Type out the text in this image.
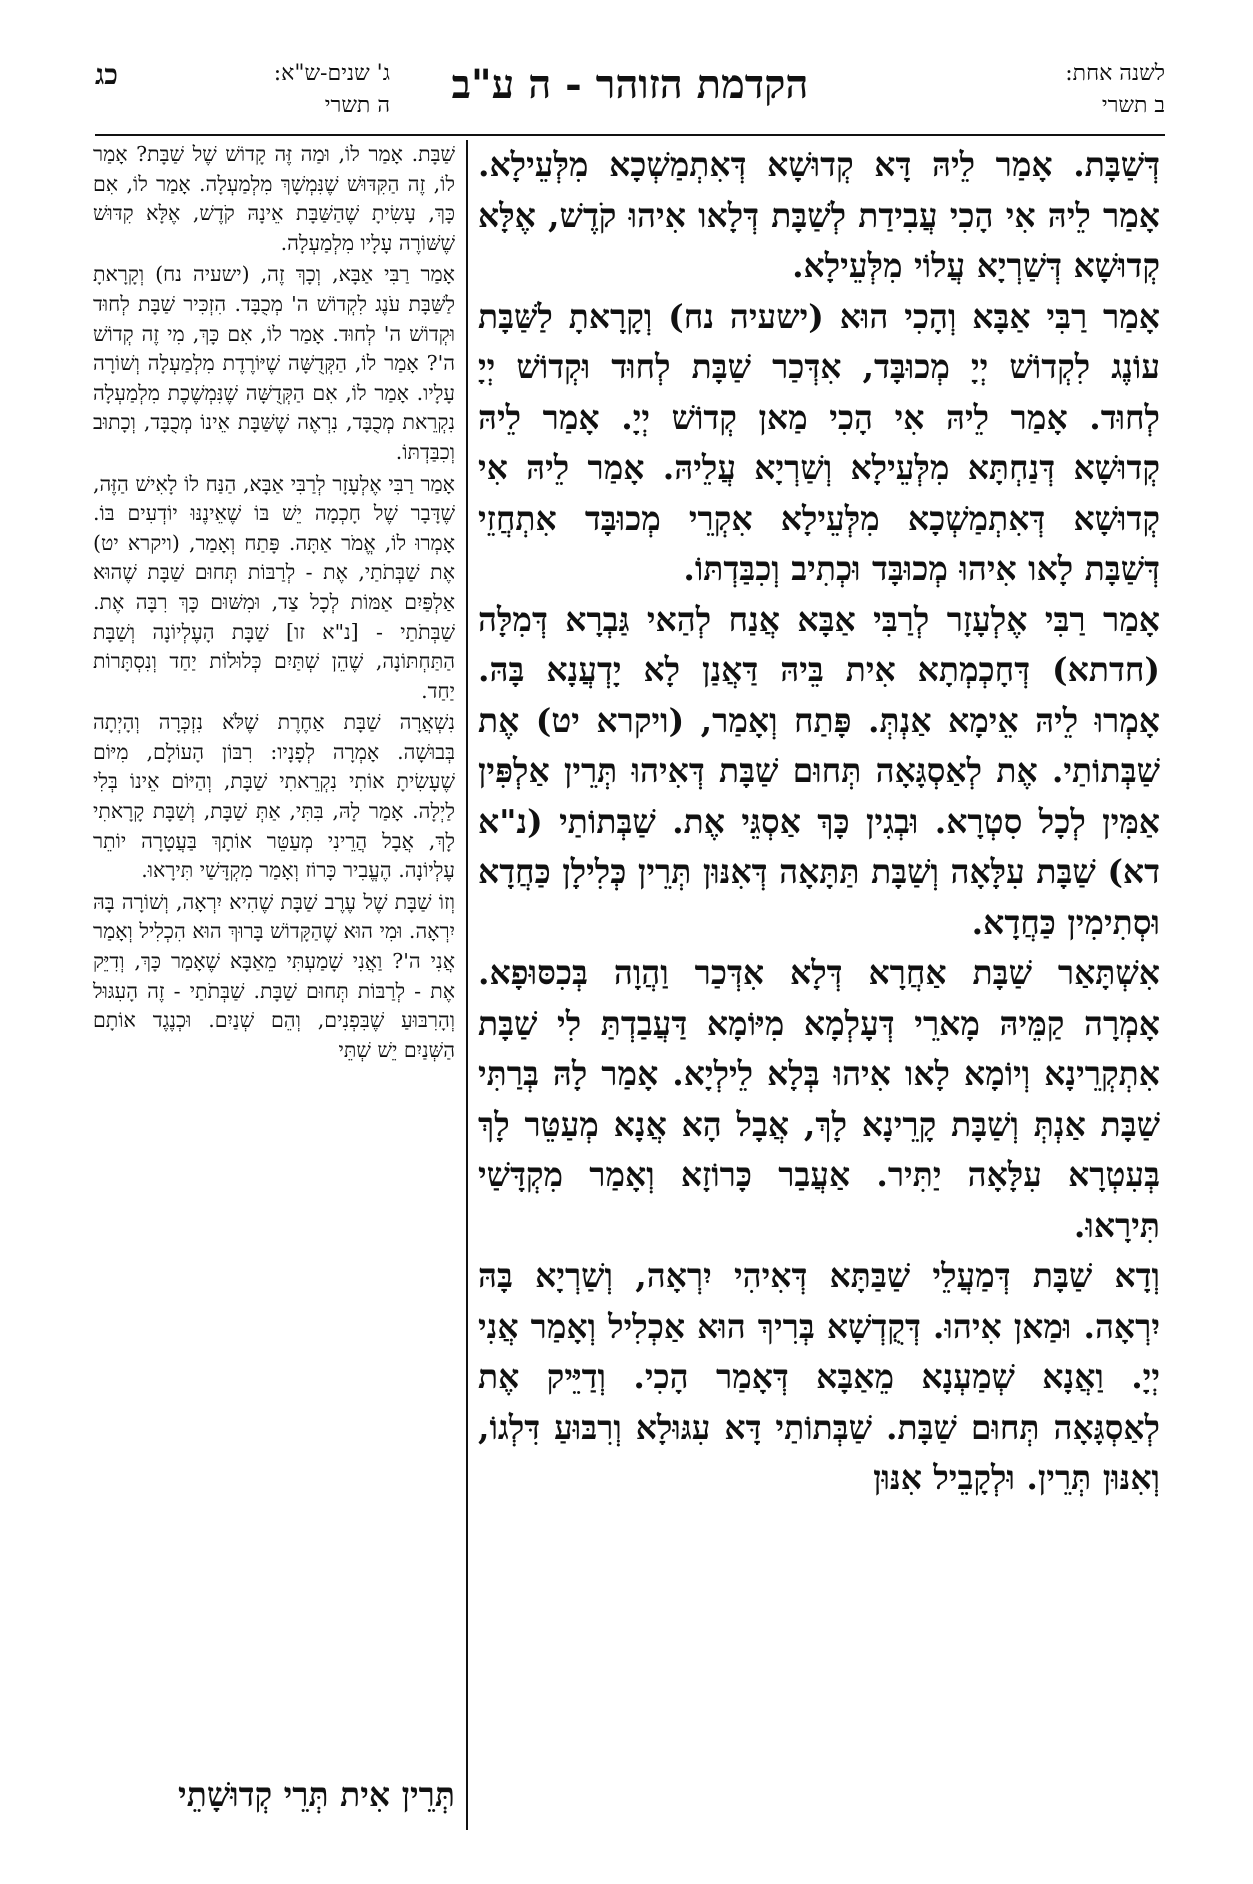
לשנה אחת:
ב תשרי
הקדמת הזוהר - ה ע"ב
ג' שנים-ש"א:
ה תשרי
כג

דְּשַׁבָּת. אָמַר לֵיהּ דָּא קְדוּשָׁא דְּאִתְמַשְׁכָא מִלְּעֵילָא. אָמַר לֵיהּ אִי הָכִי עֲבִידַת לְשַׁבָּת דְּלָאו אִיהוּ קֹדֶשׁ, אֶלָּא קְדוּשָׁא דְּשַׁרְיָא עֲלוֹי מִלְּעֵילָא.

אָמַר רַבִּי אַבָּא וְהָכִי הוּא (ישעיה נח) וְקָרָאתָ לַשַּׁבָּת עוֹנֶג לִקְדוֹשׁ יְיָ מְכוּבָּד, אִדְּכַר שַׁבָּת לְחוּד וּקְדוֹשׁ יְיָ לְחוּד. אָמַר לֵיהּ אִי הָכִי מַאן קְדוֹשׁ יְיָ. אָמַר לֵיהּ קְדוּשָׁא דְּנַחְתָּא מִלְּעֵילָא וְשַׁרְיָא עֲלֵיהּ. אָמַר לֵיהּ אִי קְדוּשָׁא דְּאִתְמַשְׁכָא מִלְּעֵילָא אִקְרֵי מְכוּבָּד אִתְחֲזֵי דְּשַׁבָּת לָאו אִיהוּ מְכוּבָּד וּכְתִיב וְכִבַּדְתּוֹ.

אָמַר רַבִּי אֶלְעָזָר לְרַבִּי אַבָּא אֲנַח לְהַאי גַּבְרָא דְּמִלָּה (חדתא) דְּחָכְמְתָא אִית בֵּיהּ דַּאֲנַן לָא יָדְעֲנָא בָּהּ. אָמְרוּ לֵיהּ אֵימָא אַנְתְּ. פָּתַח וְאָמַר, (ויקרא יט) אֶת שַׁבְּתוֹתַי. אֶת לְאַסְגָּאָה תְּחוּם שַׁבָּת דְּאִיהוּ תְּרֵין אַלְפִּין אַמִּין לְכָל סִטְרָא. וּבְגִין כָּךְ אַסְגֵּי אֶת. שַׁבְּתוֹתַי (נ"א דא) שַׁבָּת עִלָּאָה וְשַׁבָּת תַּתָּאָה דְּאִנּוּן תְּרֵין כְּלִילָן כַּחֲדָא וּסְתִימִין כַּחֲדָא.

אִשְׁתָּאַר שַׁבָּת אַחֲרָא דְּלָא אִדְּכַר וַהֲוָה בְּכִסּוּפָא. אָמְרָה קַמֵּיהּ מָארֵי דְּעָלְמָא מִיּוֹמָא דַּעֲבַדְתַּ לִי שַׁבָּת אִתְקְרֵינָא וְיוֹמָא לָאו אִיהוּ בְּלָא לֵילְיָא. אָמַר לָהּ בְּרַתִּי שַׁבָּת אַנְתְּ וְשַׁבָּת קָרֵינָא לָךְ, אֲבָל הָא אֲנָא מְעַטֵּר לָךְ בְּעִטְרָא עִלָּאָה יַתִּיר. אַעֲבַר כָּרוֹזָא וְאָמַר מִקְדָּשַׁי תִּירָאוּ.

וְדָא שַׁבָּת דְּמַעֲלֵי שַׁבַּתָּא דְּאִיהִי יִרְאָה, וְשַׁרְיָא בָּהּ יִרְאָה. וּמַאן אִיהוּ. דְּקֻדְשָׁא בְּרִיךְ הוּא אַכְלִיל וְאָמַר אֲנִי יְיָ. וַאֲנָא שְׁמַעְנָא מֵאַבָּא דְּאָמַר הָכִי. וְדַיֵּיק אֶת לְאַסְגָּאָה תְּחוּם שַׁבָּת. שַׁבְּתוֹתַי דָּא עִגּוּלָא וְרִבּוּעַ דִּלְגוֹ, וְאִנּוּן תְּרֵין. וּלְקָבֵיל אִנּוּן

שַׁבָּת. אָמַר לוֹ, וּמַה זֶּה קָדוֹשׁ שֶׁל שַׁבָּת? אָמַר לוֹ, זֶה הַקִּדּוּשׁ שֶׁנִּמְשָׁךְ מִלְמַעְלָה. אָמַר לוֹ, אִם כָּךְ, עָשִׂיתָ שֶׁהַשַּׁבָּת אֵינָהּ קֹדֶשׁ, אֶלָּא קִדּוּשׁ שֶׁשּׁוֹרֶה עָלָיו מִלְמַעְלָה.

אָמַר רַבִּי אַבָּא, וְכָךְ זֶה, (ישעיה נח) וְקָרָאתָ לַשַּׁבָּת עֹנֶג לִקְדוֹשׁ ה' מְכֻבָּד. הִזְכִּיר שַׁבָּת לְחוּד וּקְדוֹשׁ ה' לְחוּד. אָמַר לוֹ, אִם כָּךְ, מִי זֶה קְדוֹשׁ ה'? אָמַר לוֹ, הַקְּדֻשָּׁה שֶׁיּוֹרֶדֶת מִלְמַעְלָה וְשׁוֹרָה עָלָיו. אָמַר לוֹ, אִם הַקְּדֻשָּׁה שֶׁנִּמְשֶׁכֶת מִלְמַעְלָה נִקְרֵאת מְכֻבָּד, נִרְאֶה שֶׁשַּׁבָּת אֵינוֹ מְכֻבָּד, וְכָתוּב וְכִבַּדְתּוֹ.

אָמַר רַבִּי אֶלְעָזָר לְרַבִּי אַבָּא, הַנַּח לוֹ לָאִישׁ הַזֶּה, שֶׁדָּבָר שֶׁל חָכְמָה יֵשׁ בּוֹ שֶׁאֵינֶנּוּ יוֹדְעִים בּוֹ. אָמְרוּ לוֹ, אֱמֹר אַתָּה. פָּתַח וְאָמַר, (ויקרא יט) אֶת שַׁבְּתֹתַי, אֶת - לְרַבּוֹת תְּחוּם שַׁבָּת שֶׁהוּא אַלְפַּיִם אַמּוֹת לְכָל צַד, וּמִשּׁוּם כָּךְ רִבָּה אֶת. שַׁבְּתֹתַי - [נ"א זו] שַׁבָּת הָעֶלְיוֹנָה וְשַׁבָּת הַתַּחְתּוֹנָה, שֶׁהֵן שְׁתַּיִם כְּלוּלוֹת יַחַד וְנִסְתָּרוֹת יַחַד.

נִשְׁאֲרָה שַׁבָּת אַחֶרֶת שֶׁלֹּא נִזְכְּרָה וְהָיְתָה בְּבוּשָׁה. אָמְרָה לְפָנָיו: רִבּוֹן הָעוֹלָם, מִיּוֹם שֶׁעָשִׂיתָ אוֹתִי נִקְרֵאתִי שַׁבָּת, וְהַיּוֹם אֵינוֹ בְּלִי לַיְלָה. אָמַר לָהּ, בִּתִּי, אַתְּ שַׁבָּת, וְשַׁבָּת קָרָאתִי לָךְ, אֲבָל הֲרֵינִי מְעַטֵּר אוֹתָךְ בַּעֲטָרָה יוֹתֵר עֶלְיוֹנָה. הֶעֱבִיר כָּרוֹז וְאָמַר מִקְדָּשַׁי תִּירָאוּ.

וְזוֹ שַׁבָּת שֶׁל עֶרֶב שַׁבָּת שֶׁהִיא יִרְאָה, וְשׁוֹרָה בָּהּ יִרְאָה. וּמִי הוּא שֶׁהַקָּדוֹשׁ בָּרוּךְ הוּא הִכְלִיל וְאָמַר אֲנִי ה'? וַאֲנִי שָׁמַעְתִּי מֵאַבָּא שֶׁאָמַר כָּךְ, וְדִיֵּק אֶת - לְרַבּוֹת תְּחוּם שַׁבָּת. שַׁבְּתֹתַי - זֶה הָעִגּוּל וְהָרִבּוּעַ שֶׁבִּפְנִים, וְהֵם שְׁנַיִם. וּכְנֶגֶד אוֹתָם הַשְּׁנַיִם יֵשׁ שְׁתֵּי

תְּרֵין אִית תְּרֵי קְדוּשָׁתֵי
